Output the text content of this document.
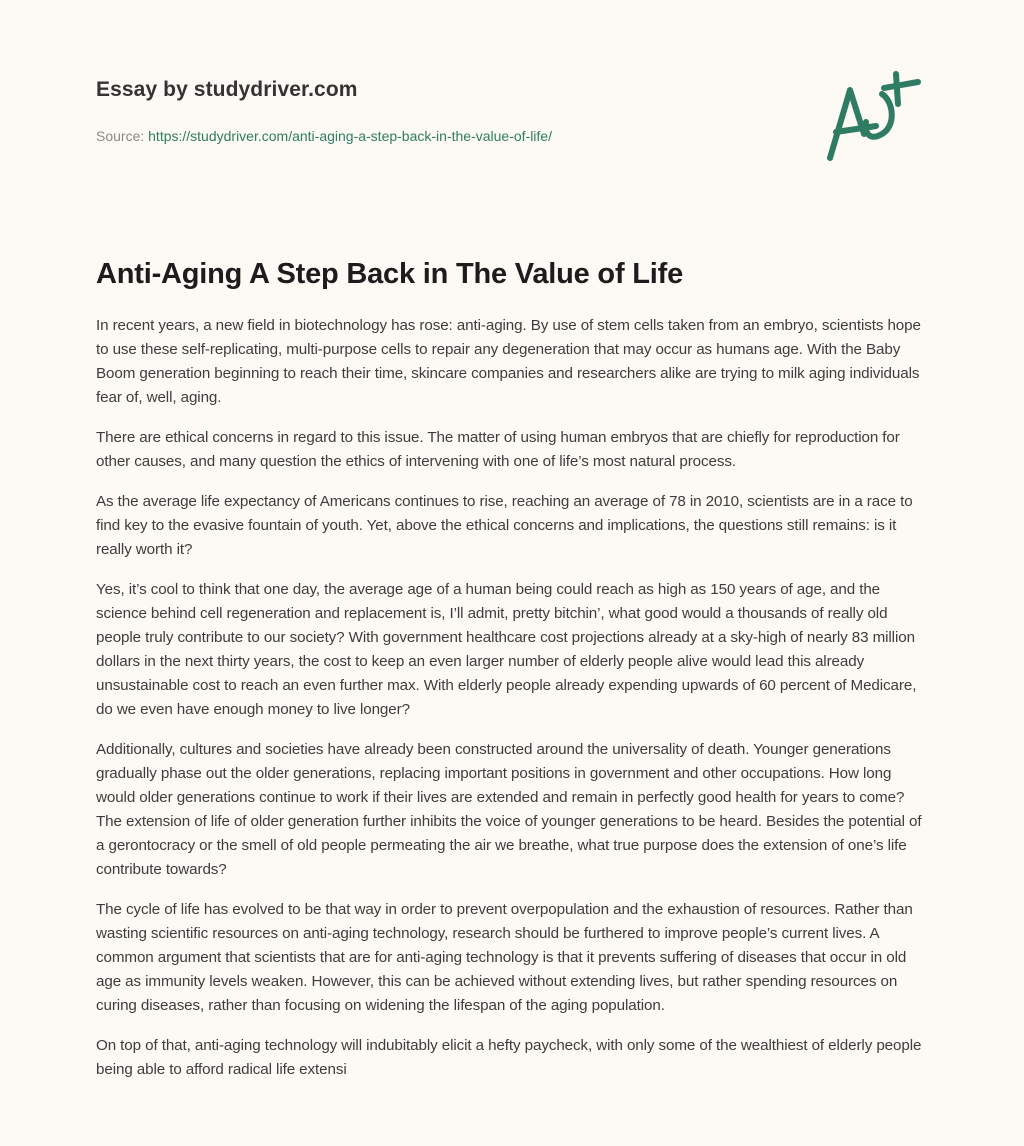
Essay by studydriver.com
Source: https://studydriver.com/anti-aging-a-step-back-in-the-value-of-life/
Anti-Aging A Step Back in The Value of Life

In recent years, a new field in biotechnology has rose: anti-aging. By use of stem cells taken from an embryo, scientists hope to use these self-replicating, multi-purpose cells to repair any degeneration that may occur as humans age. With the Baby Boom generation beginning to reach their time, skincare companies and researchers alike are trying to milk aging individuals fear of, well, aging.

There are ethical concerns in regard to this issue. The matter of using human embryos that are chiefly for reproduction for other causes, and many question the ethics of intervening with one of life’s most natural process.

As the average life expectancy of Americans continues to rise, reaching an average of 78 in 2010, scientists are in a race to find key to the evasive fountain of youth. Yet, above the ethical concerns and implications, the questions still remains: is it really worth it?

Yes, it’s cool to think that one day, the average age of a human being could reach as high as 150 years of age, and the science behind cell regeneration and replacement is, I’ll admit, pretty bitchin’, what good would a thousands of really old people truly contribute to our society? With government healthcare cost projections already at a sky-high of nearly 83 million dollars in the next thirty years, the cost to keep an even larger number of elderly people alive would lead this already unsustainable cost to reach an even further max. With elderly people already expending upwards of 60 percent of Medicare, do we even have enough money to live longer?

Additionally, cultures and societies have already been constructed around the universality of death. Younger generations gradually phase out the older generations, replacing important positions in government and other occupations. How long would older generations continue to work if their lives are extended and remain in perfectly good health for years to come? The extension of life of older generation further inhibits the voice of younger generations to be heard. Besides the potential of a gerontocracy or the smell of old people permeating the air we breathe, what true purpose does the extension of one’s life contribute towards?

The cycle of life has evolved to be that way in order to prevent overpopulation and the exhaustion of resources. Rather than wasting scientific resources on anti-aging technology, research should be furthered to improve people’s current lives. A common argument that scientists that are for anti-aging technology is that it prevents suffering of diseases that occur in old age as immunity levels weaken. However, this can be achieved without extending lives, but rather spending resources on curing diseases, rather than focusing on widening the lifespan of the aging population.

On top of that, anti-aging technology will indubitably elicit a hefty paycheck, with only some of the wealthiest of elderly people being able to afford radical life extensi
